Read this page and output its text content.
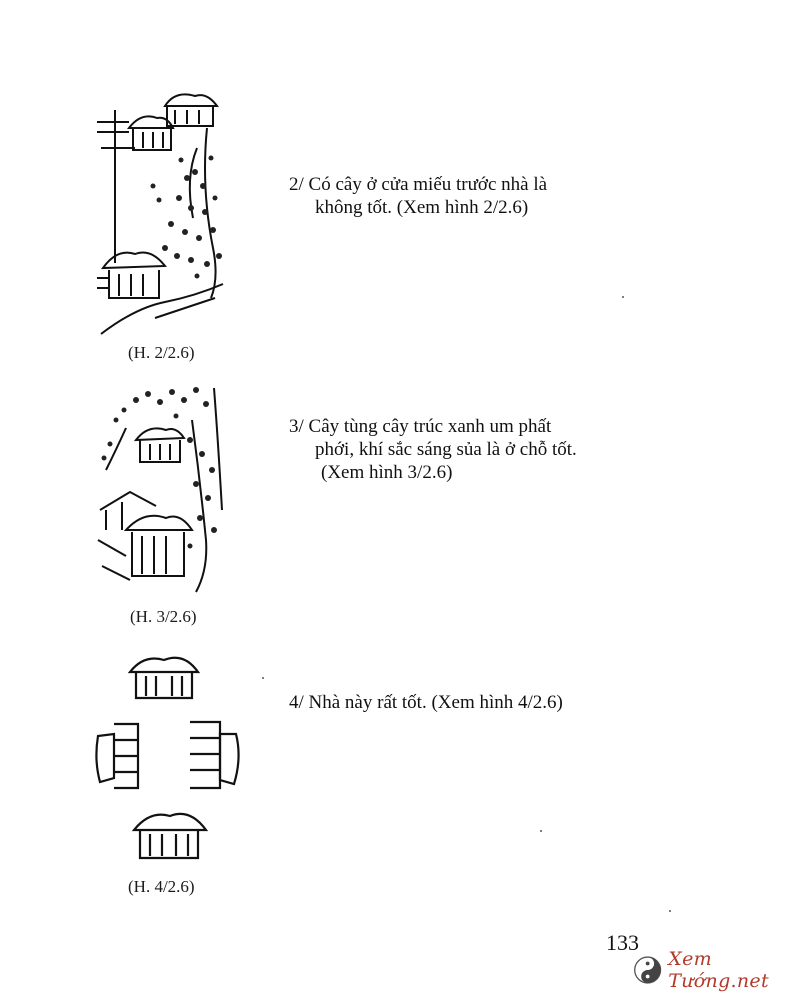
(H. 2/2.6)
2/ Có cây ở cửa miếu trước nhà là
không tốt. (Xem hình 2/2.6)
(H. 3/2.6)
3/ Cây tùng cây trúc xanh um phất
phới, khí sắc sáng sủa là ở chỗ tốt.
(Xem hình 3/2.6)
(H. 4/2.6)
4/ Nhà này rất tốt. (Xem hình 4/2.6)
133
Xem Tướng.net
